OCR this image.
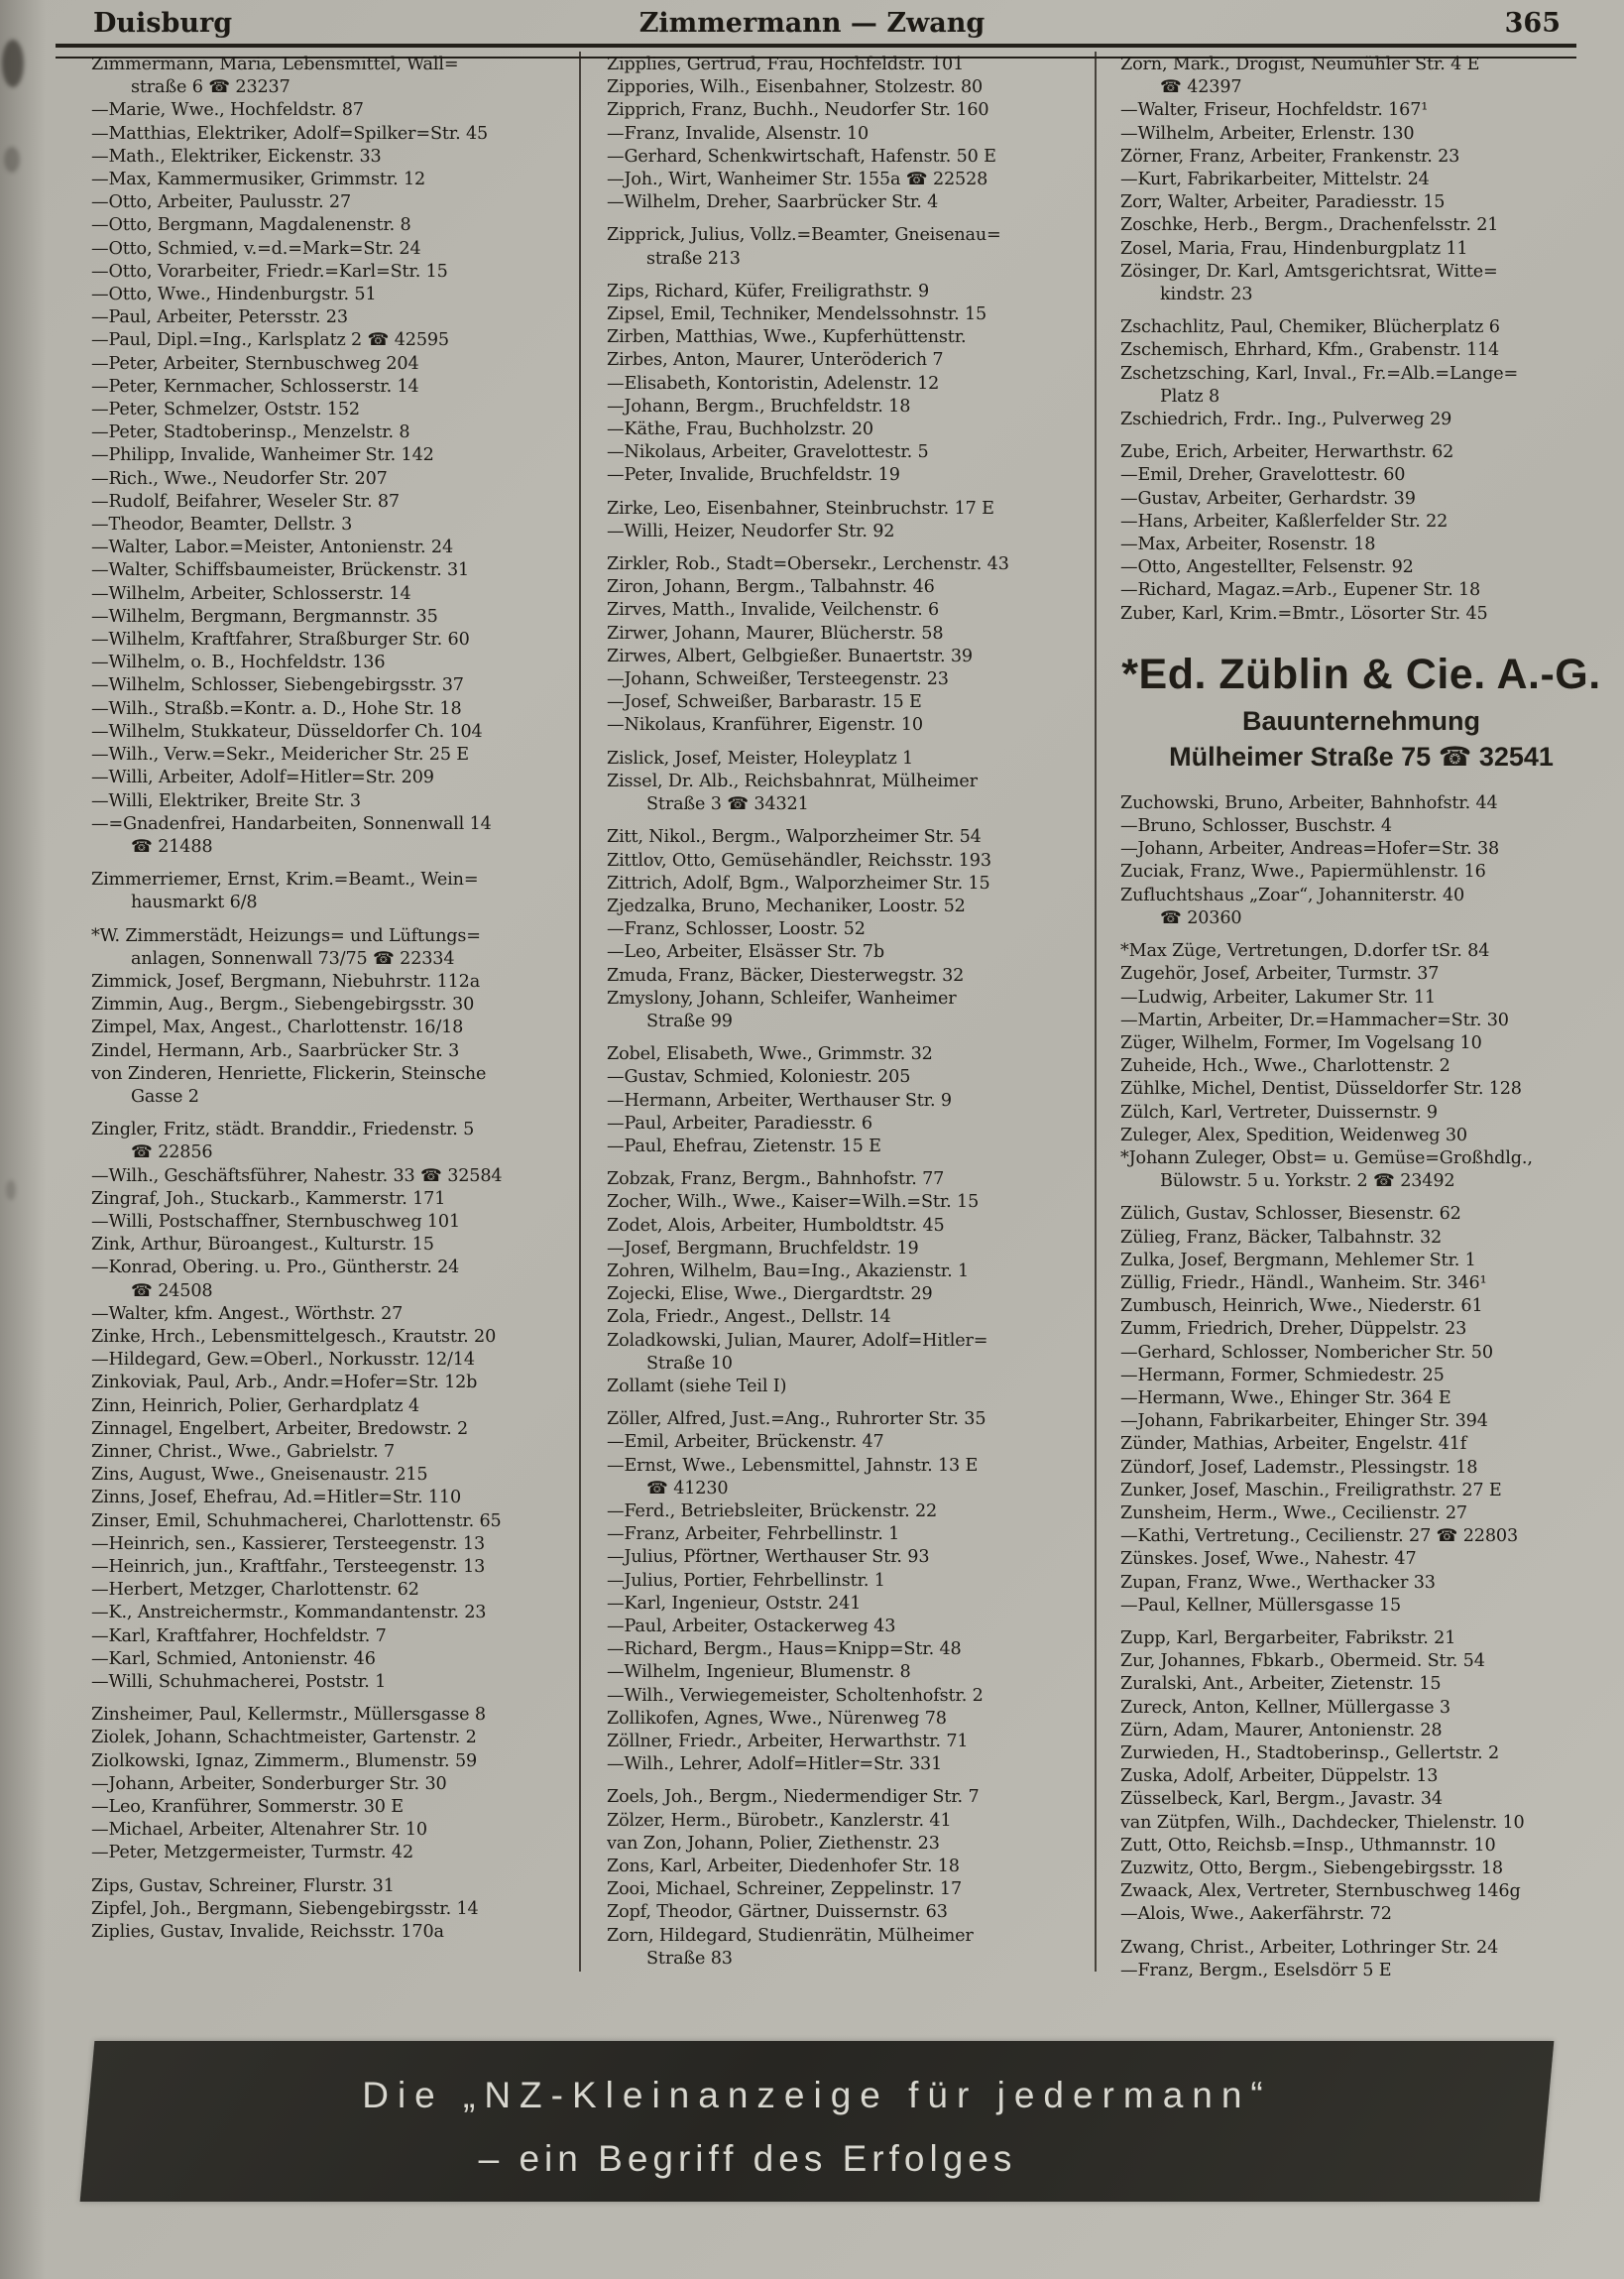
Duisburg	Zimmermann — Zwang	365
Zimmermann, Maria, Lebensmittel, Wall=
straße 6 ☎ 23237
—Marie, Wwe., Hochfeldstr. 87
—Matthias, Elektriker, Adolf=Spilker=Str. 45
—Math., Elektriker, Eickenstr. 33
—Max, Kammermusiker, Grimmstr. 12
—Otto, Arbeiter, Paulusstr. 27
—Otto, Bergmann, Magdalenenstr. 8
—Otto, Schmied, v.=d.=Mark=Str. 24
—Otto, Vorarbeiter, Friedr.=Karl=Str. 15
—Otto, Wwe., Hindenburgstr. 51
—Paul, Arbeiter, Petersstr. 23
—Paul, Dipl.=Ing., Karlsplatz 2 ☎ 42595
—Peter, Arbeiter, Sternbuschweg 204
—Peter, Kernmacher, Schlosserstr. 14
—Peter, Schmelzer, Oststr. 152
—Peter, Stadtoberinsp., Menzelstr. 8
—Philipp, Invalide, Wanheimer Str. 142
—Rich., Wwe., Neudorfer Str. 207
—Rudolf, Beifahrer, Weseler Str. 87
—Theodor, Beamter, Dellstr. 3
—Walter, Labor.=Meister, Antonienstr. 24
—Walter, Schiffsbaumeister, Brückenstr. 31
—Wilhelm, Arbeiter, Schlosserstr. 14
—Wilhelm, Bergmann, Bergmannstr. 35
—Wilhelm, Kraftfahrer, Straßburger Str. 60
—Wilhelm, o. B., Hochfeldstr. 136
—Wilhelm, Schlosser, Siebengebirgsstr. 37
—Wilh., Straßb.=Kontr. a. D., Hohe Str. 18
—Wilhelm, Stukkateur, Düsseldorfer Ch. 104
—Wilh., Verw.=Sekr., Meidericher Str. 25 E
—Willi, Arbeiter, Adolf=Hitler=Str. 209
—Willi, Elektriker, Breite Str. 3
—=Gnadenfrei, Handarbeiten, Sonnenwall 14
☎ 21488
Zimmerriemer, Ernst, Krim.=Beamt., Wein=
hausmarkt 6/8
*W. Zimmerstädt, Heizungs= und Lüftungs=
anlagen, Sonnenwall 73/75 ☎ 22334
Zimmick, Josef, Bergmann, Niebuhrstr. 112a
Zimmin, Aug., Bergm., Siebengebirgsstr. 30
Zimpel, Max, Angest., Charlottenstr. 16/18
Zindel, Hermann, Arb., Saarbrücker Str. 3
von Zinderen, Henriette, Flickerin, Steinsche
Gasse 2
Zingler, Fritz, städt. Branddir., Friedenstr. 5
☎ 22856
—Wilh., Geschäftsführer, Nahestr. 33 ☎ 32584
Zingraf, Joh., Stuckarb., Kammerstr. 171
—Willi, Postschaffner, Sternbuschweg 101
Zink, Arthur, Büroangest., Kulturstr. 15
—Konrad, Obering. u. Pro., Güntherstr. 24
☎ 24508
—Walter, kfm. Angest., Wörthstr. 27
Zinke, Hrch., Lebensmittelgesch., Krautstr. 20
—Hildegard, Gew.=Oberl., Norkusstr. 12/14
Zinkoviak, Paul, Arb., Andr.=Hofer=Str. 12b
Zinn, Heinrich, Polier, Gerhardplatz 4
Zinnagel, Engelbert, Arbeiter, Bredowstr. 2
Zinner, Christ., Wwe., Gabrielstr. 7
Zins, August, Wwe., Gneisenaustr. 215
Zinns, Josef, Ehefrau, Ad.=Hitler=Str. 110
Zinser, Emil, Schuhmacherei, Charlottenstr. 65
—Heinrich, sen., Kassierer, Tersteegenstr. 13
—Heinrich, jun., Kraftfahr., Tersteegenstr. 13
—Herbert, Metzger, Charlottenstr. 62
—K., Anstreichermstr., Kommandantenstr. 23
—Karl, Kraftfahrer, Hochfeldstr. 7
—Karl, Schmied, Antonienstr. 46
—Willi, Schuhmacherei, Poststr. 1
Zinsheimer, Paul, Kellermstr., Müllersgasse 8
Ziolek, Johann, Schachtmeister, Gartenstr. 2
Ziolkowski, Ignaz, Zimmerm., Blumenstr. 59
—Johann, Arbeiter, Sonderburger Str. 30
—Leo, Kranführer, Sommerstr. 30 E
—Michael, Arbeiter, Altenahrer Str. 10
—Peter, Metzgermeister, Turmstr. 42
Zips, Gustav, Schreiner, Flurstr. 31
Zipfel, Joh., Bergmann, Siebengebirgsstr. 14
Ziplies, Gustav, Invalide, Reichsstr. 170a
Zipplies, Gertrud, Frau, Hochfeldstr. 101
Zippories, Wilh., Eisenbahner, Stolzestr. 80
Zipprich, Franz, Buchh., Neudorfer Str. 160
—Franz, Invalide, Alsenstr. 10
—Gerhard, Schenkwirtschaft, Hafenstr. 50 E
—Joh., Wirt, Wanheimer Str. 155a ☎ 22528
—Wilhelm, Dreher, Saarbrücker Str. 4
Zipprick, Julius, Vollz.=Beamter, Gneisenau=
straße 213
Zips, Richard, Küfer, Freiligrathstr. 9
Zipsel, Emil, Techniker, Mendelssohnstr. 15
Zirben, Matthias, Wwe., Kupferhüttenstr.
Zirbes, Anton, Maurer, Unteröderich 7
—Elisabeth, Kontoristin, Adelenstr. 12
—Johann, Bergm., Bruchfeldstr. 18
—Käthe, Frau, Buchholzstr. 20
—Nikolaus, Arbeiter, Gravelottestr. 5
—Peter, Invalide, Bruchfeldstr. 19
Zirke, Leo, Eisenbahner, Steinbruchstr. 17 E
—Willi, Heizer, Neudorfer Str. 92
Zirkler, Rob., Stadt=Obersekr., Lerchenstr. 43
Ziron, Johann, Bergm., Talbahnstr. 46
Zirves, Matth., Invalide, Veilchenstr. 6
Zirwer, Johann, Maurer, Blücherstr. 58
Zirwes, Albert, Gelbgießer. Bunaertstr. 39
—Johann, Schweißer, Tersteegenstr. 23
—Josef, Schweißer, Barbarastr. 15 E
—Nikolaus, Kranführer, Eigenstr. 10
Zislick, Josef, Meister, Holeyplatz 1
Zissel, Dr. Alb., Reichsbahnrat, Mülheimer
Straße 3 ☎ 34321
Zitt, Nikol., Bergm., Walporzheimer Str. 54
Zittlov, Otto, Gemüsehändler, Reichsstr. 193
Zittrich, Adolf, Bgm., Walporzheimer Str. 15
Zjedzalka, Bruno, Mechaniker, Loostr. 52
—Franz, Schlosser, Loostr. 52
—Leo, Arbeiter, Elsässer Str. 7b
Zmuda, Franz, Bäcker, Diesterwegstr. 32
Zmyslony, Johann, Schleifer, Wanheimer
Straße 99
Zobel, Elisabeth, Wwe., Grimmstr. 32
—Gustav, Schmied, Koloniestr. 205
—Hermann, Arbeiter, Werthauser Str. 9
—Paul, Arbeiter, Paradiesstr. 6
—Paul, Ehefrau, Zietenstr. 15 E
Zobzak, Franz, Bergm., Bahnhofstr. 77
Zocher, Wilh., Wwe., Kaiser=Wilh.=Str. 15
Zodet, Alois, Arbeiter, Humboldtstr. 45
—Josef, Bergmann, Bruchfeldstr. 19
Zohren, Wilhelm, Bau=Ing., Akazienstr. 1
Zojecki, Elise, Wwe., Diergardtstr. 29
Zola, Friedr., Angest., Dellstr. 14
Zoladkowski, Julian, Maurer, Adolf=Hitler=
Straße 10
Zollamt (siehe Teil I)
Zöller, Alfred, Just.=Ang., Ruhrorter Str. 35
—Emil, Arbeiter, Brückenstr. 47
—Ernst, Wwe., Lebensmittel, Jahnstr. 13 E
☎ 41230
—Ferd., Betriebsleiter, Brückenstr. 22
—Franz, Arbeiter, Fehrbellinstr. 1
—Julius, Pförtner, Werthauser Str. 93
—Julius, Portier, Fehrbellinstr. 1
—Karl, Ingenieur, Oststr. 241
—Paul, Arbeiter, Ostackerweg 43
—Richard, Bergm., Haus=Knipp=Str. 48
—Wilhelm, Ingenieur, Blumenstr. 8
—Wilh., Verwiegemeister, Scholtenhofstr. 2
Zollikofen, Agnes, Wwe., Nürenweg 78
Zöllner, Friedr., Arbeiter, Herwarthstr. 71
—Wilh., Lehrer, Adolf=Hitler=Str. 331
Zoels, Joh., Bergm., Niedermendiger Str. 7
Zölzer, Herm., Bürobetr., Kanzlerstr. 41
van Zon, Johann, Polier, Ziethenstr. 23
Zons, Karl, Arbeiter, Diedenhofer Str. 18
Zooi, Michael, Schreiner, Zeppelinstr. 17
Zopf, Theodor, Gärtner, Duissernstr. 63
Zorn, Hildegard, Studienrätin, Mülheimer
Straße 83
Zorn, Mark., Drogist, Neumühler Str. 4 E
☎ 42397
—Walter, Friseur, Hochfeldstr. 167¹
—Wilhelm, Arbeiter, Erlenstr. 130
Zörner, Franz, Arbeiter, Frankenstr. 23
—Kurt, Fabrikarbeiter, Mittelstr. 24
Zorr, Walter, Arbeiter, Paradiesstr. 15
Zoschke, Herb., Bergm., Drachenfelsstr. 21
Zosel, Maria, Frau, Hindenburgplatz 11
Zösinger, Dr. Karl, Amtsgerichtsrat, Witte=
kindstr. 23
Zschachlitz, Paul, Chemiker, Blücherplatz 6
Zschemisch, Ehrhard, Kfm., Grabenstr. 114
Zschetzsching, Karl, Inval., Fr.=Alb.=Lange=
Platz 8
Zschiedrich, Frdr.. Ing., Pulverweg 29
Zube, Erich, Arbeiter, Herwarthstr. 62
—Emil, Dreher, Gravelottestr. 60
—Gustav, Arbeiter, Gerhardstr. 39
—Hans, Arbeiter, Kaßlerfelder Str. 22
—Max, Arbeiter, Rosenstr. 18
—Otto, Angestellter, Felsenstr. 92
—Richard, Magaz.=Arb., Eupener Str. 18
Zuber, Karl, Krim.=Bmtr., Lösorter Str. 45
*Ed. Züblin & Cie. A.-G.
Bauunternehmung
Mülheimer Straße 75 ☎ 32541
Zuchowski, Bruno, Arbeiter, Bahnhofstr. 44
—Bruno, Schlosser, Buschstr. 4
—Johann, Arbeiter, Andreas=Hofer=Str. 38
Zuciak, Franz, Wwe., Papiermühlenstr. 16
Zufluchtshaus „Zoar“, Johanniterstr. 40
☎ 20360
*Max Züge, Vertretungen, D.dorfer tSr. 84
Zugehör, Josef, Arbeiter, Turmstr. 37
—Ludwig, Arbeiter, Lakumer Str. 11
—Martin, Arbeiter, Dr.=Hammacher=Str. 30
Züger, Wilhelm, Former, Im Vogelsang 10
Zuheide, Hch., Wwe., Charlottenstr. 2
Zühlke, Michel, Dentist, Düsseldorfer Str. 128
Zülch, Karl, Vertreter, Duissernstr. 9
Zuleger, Alex, Spedition, Weidenweg 30
*Johann Zuleger, Obst= u. Gemüse=Großhdlg.,
Bülowstr. 5 u. Yorkstr. 2 ☎ 23492
Zülich, Gustav, Schlosser, Biesenstr. 62
Zülieg, Franz, Bäcker, Talbahnstr. 32
Zulka, Josef, Bergmann, Mehlemer Str. 1
Züllig, Friedr., Händl., Wanheim. Str. 346¹
Zumbusch, Heinrich, Wwe., Niederstr. 61
Zumm, Friedrich, Dreher, Düppelstr. 23
—Gerhard, Schlosser, Nombericher Str. 50
—Hermann, Former, Schmiedestr. 25
—Hermann, Wwe., Ehinger Str. 364 E
—Johann, Fabrikarbeiter, Ehinger Str. 394
Zünder, Mathias, Arbeiter, Engelstr. 41f
Zündorf, Josef, Lademstr., Plessingstr. 18
Zunker, Josef, Maschin., Freiligrathstr. 27 E
Zunsheim, Herm., Wwe., Cecilienstr. 27
—Kathi, Vertretung., Cecilienstr. 27 ☎ 22803
Zünskes. Josef, Wwe., Nahestr. 47
Zupan, Franz, Wwe., Werthacker 33
—Paul, Kellner, Müllersgasse 15
Zupp, Karl, Bergarbeiter, Fabrikstr. 21
Zur, Johannes, Fbkarb., Obermeid. Str. 54
Zuralski, Ant., Arbeiter, Zietenstr. 15
Zureck, Anton, Kellner, Müllergasse 3
Zürn, Adam, Maurer, Antonienstr. 28
Zurwieden, H., Stadtoberinsp., Gellertstr. 2
Zuska, Adolf, Arbeiter, Düppelstr. 13
Züsselbeck, Karl, Bergm., Javastr. 34
van Zütpfen, Wilh., Dachdecker, Thielenstr. 10
Zutt, Otto, Reichsb.=Insp., Uthmannstr. 10
Zuzwitz, Otto, Bergm., Siebengebirgsstr. 18
Zwaack, Alex, Vertreter, Sternbuschweg 146g
—Alois, Wwe., Aakerfährstr. 72
Zwang, Christ., Arbeiter, Lothringer Str. 24
—Franz, Bergm., Eselsdörr 5 E
Die „NZ-Kleinanzeige für jedermann“
– ein Begriff des Erfolges
